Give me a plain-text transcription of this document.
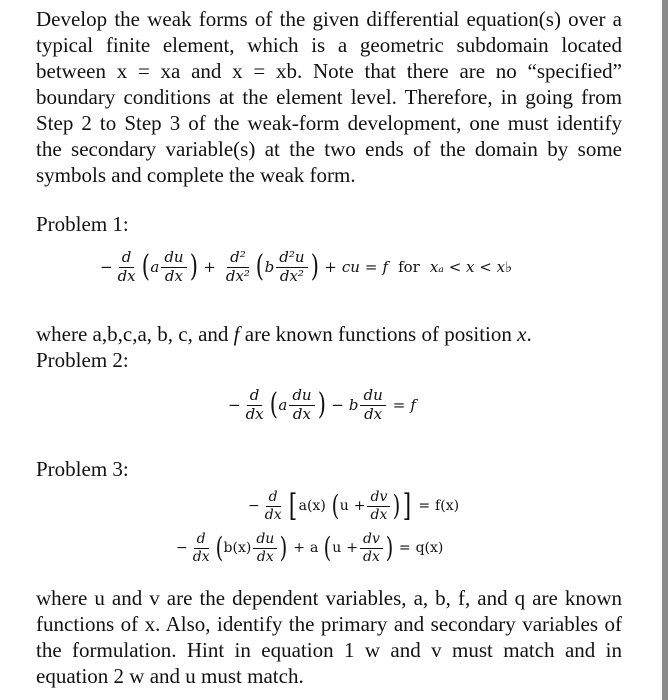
Develop the weak forms of the given differential equation(s) over a typical finite element, which is a geometric subdomain located between x = xa and x = xb. Note that there are no “specified” boundary conditions at the element level. Therefore, in going from Step 2 to Step 3 of the weak-form development, one must identify the secondary variable(s) at the two ends of the domain by some symbols and complete the weak form.

Problem 1:

− $\frac{d}{dx}$ ( a $\frac{du}{dx}$ ) + $\frac{\text{d²}}{\text{dx²}}$ ( b $\frac{\text{d²u}}{\text{dx²}}$ ) + cu = f for xₐ < x < x♭

where a,b,c,a, b, c, and f are known functions of position x.

Problem 2:

− $\frac{d}{dx}$ ( a $\frac{du}{dx}$ ) − b $\frac{du}{dx} = f$

Problem 3:

− $\frac{d}{dx}$ [ a(x) ( $u + \frac{dv}{dx}$ ) ] = f(x)
− $\frac{d}{dx}$ ( $b(x) \frac{du}{dx}$ ) + a ( $u + \frac{dv}{dx}$ ) = q(x)

where u and v are the dependent variables, a, b, f, and q are known functions of x. Also, identify the primary and secondary variables of the formulation. Hint in equation 1 w and v must match and in equation 2 w and u must match.
